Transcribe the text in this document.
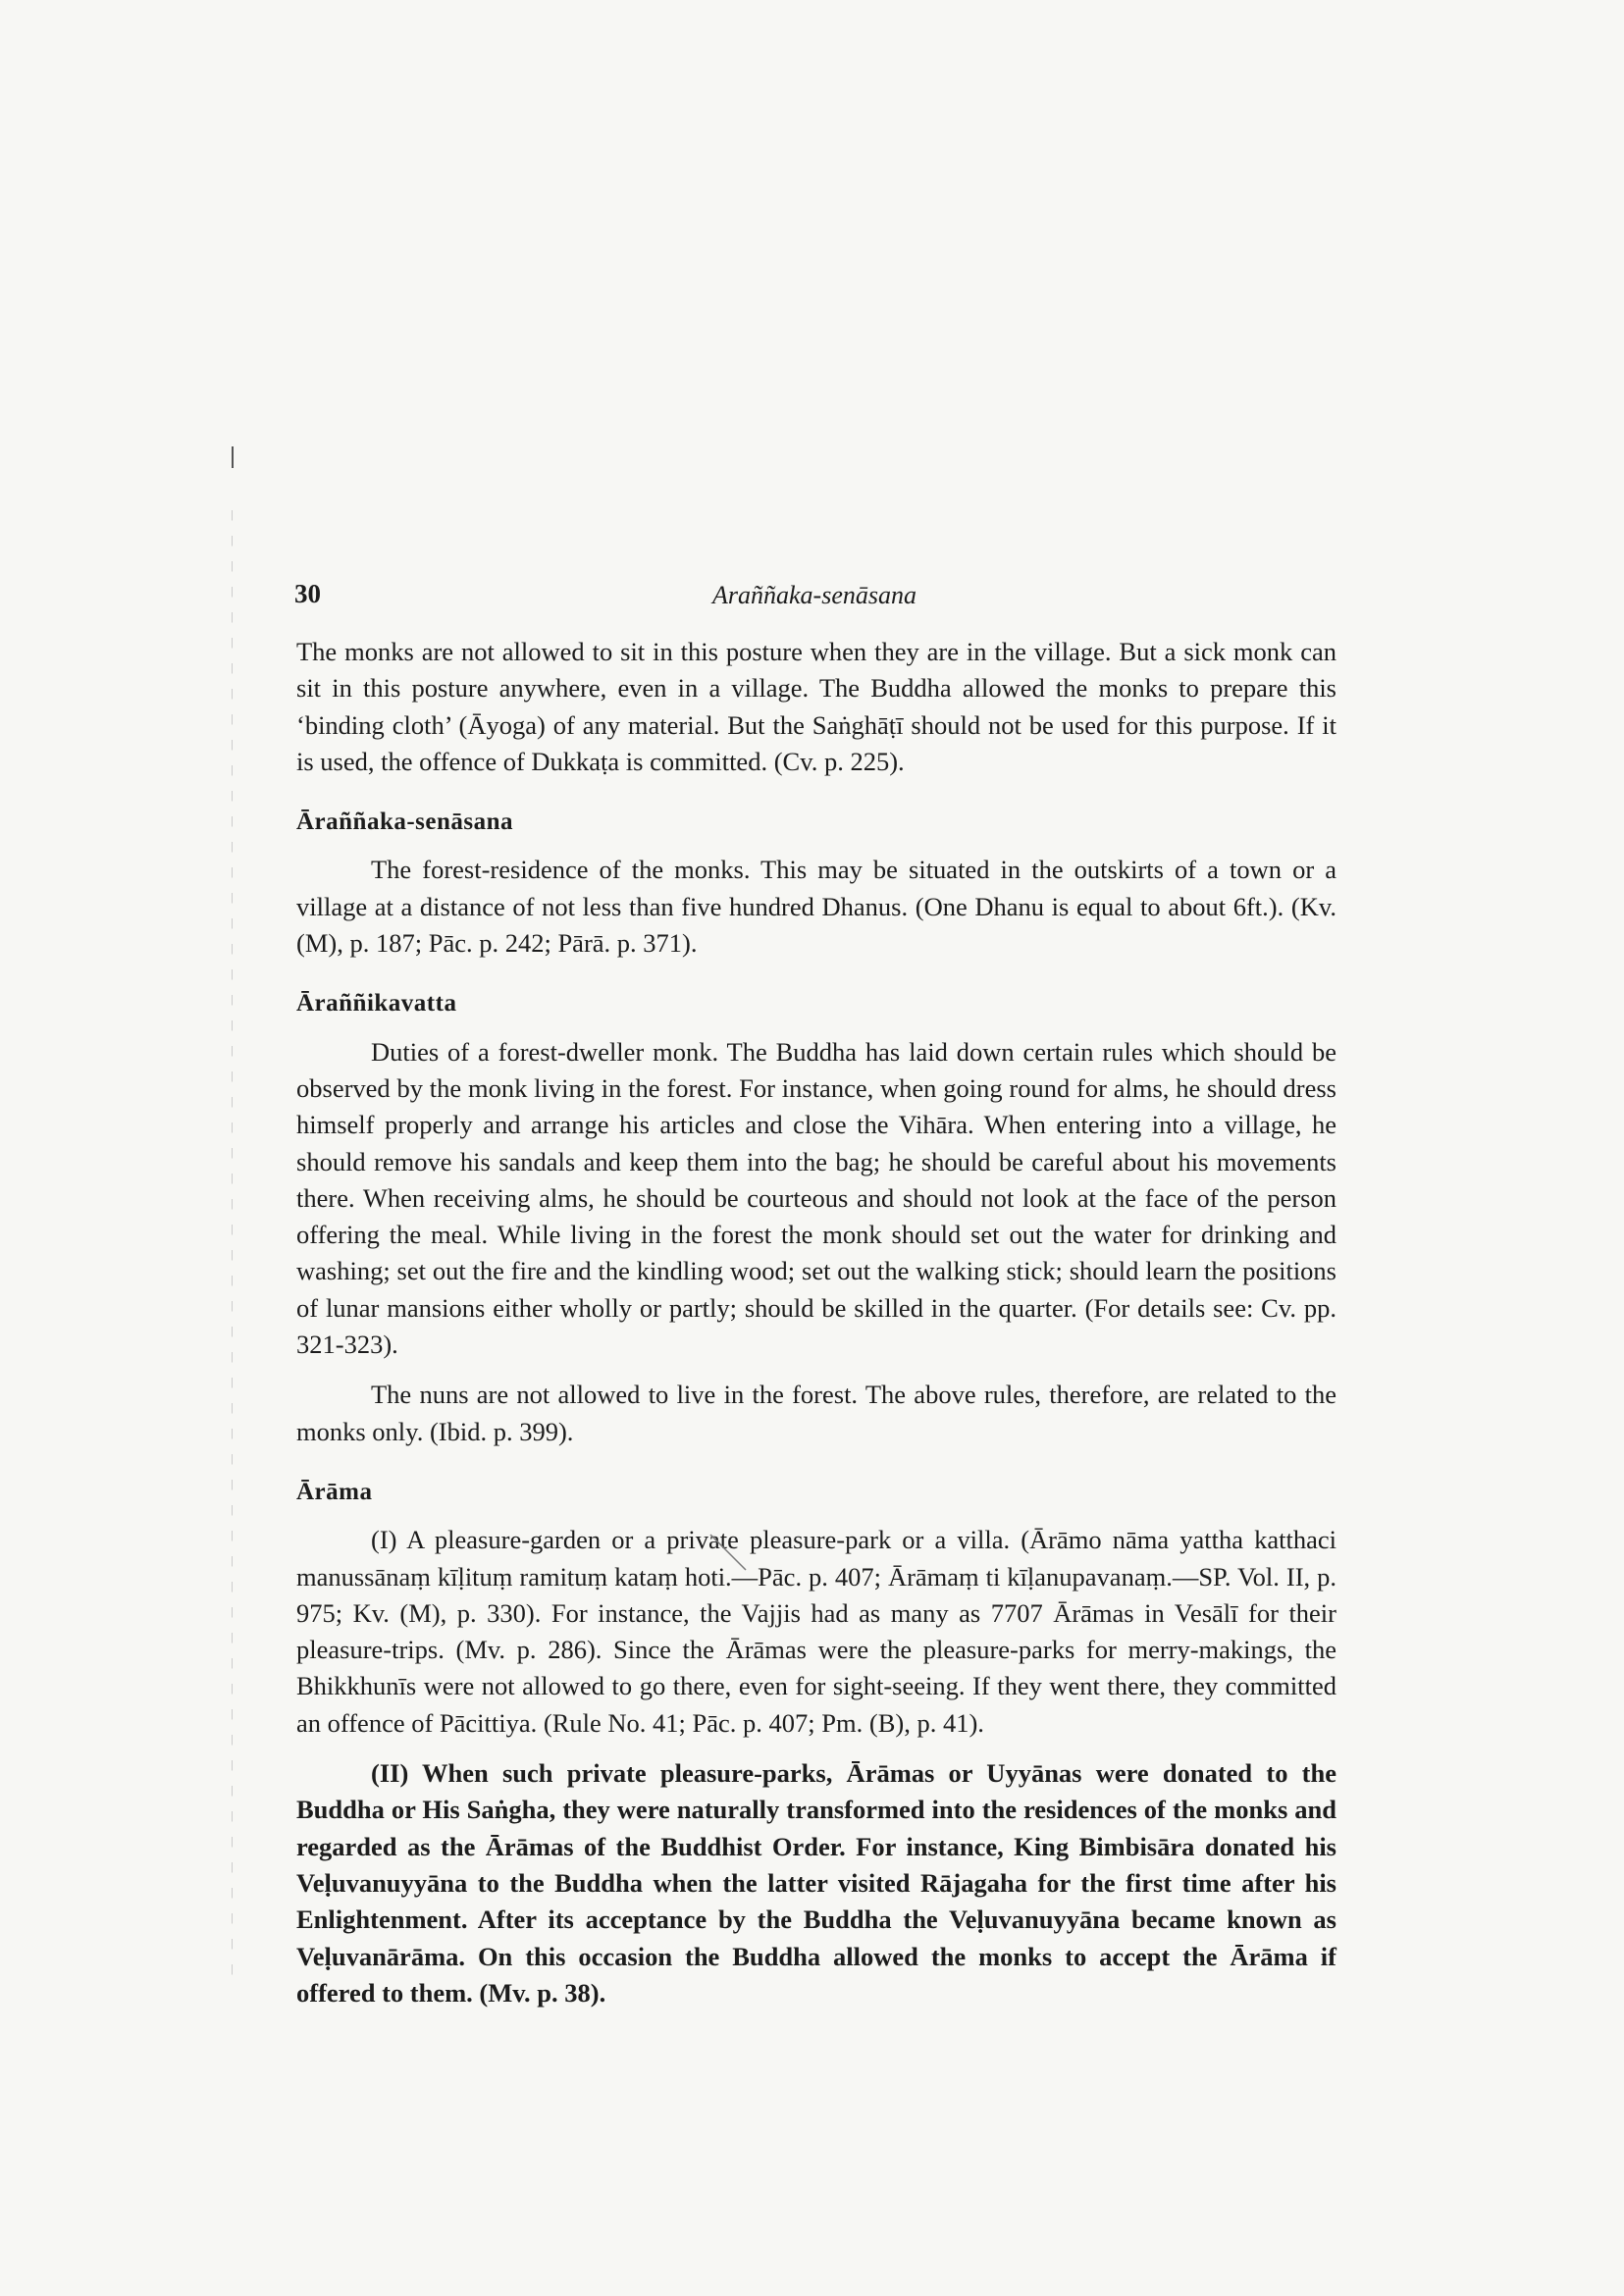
30	Araññaka-senāsana

The monks are not allowed to sit in this posture when they are in the village. But a sick monk can sit in this posture anywhere, even in a village. The Buddha allowed the monks to prepare this ‘binding cloth’ (Āyoga) of any material. But the Saṅghāṭī should not be used for this purpose. If it is used, the offence of Dukkaṭa is committed. (Cv. p. 225).

Āraññaka-senāsana

The forest-residence of the monks. This may be situated in the outskirts of a town or a village at a distance of not less than five hundred Dhanus. (One Dhanu is equal to about 6ft.). (Kv. (M), p. 187; Pāc. p. 242; Pārā. p. 371).

Āraññikavatta

Duties of a forest-dweller monk. The Buddha has laid down certain rules which should be observed by the monk living in the forest. For instance, when going round for alms, he should dress himself properly and arrange his articles and close the Vihāra. When entering into a village, he should remove his sandals and keep them into the bag; he should be careful about his movements there. When receiving alms, he should be courteous and should not look at the face of the person offering the meal. While living in the forest the monk should set out the water for drinking and washing; set out the fire and the kindling wood; set out the walking stick; should learn the positions of lunar mansions either wholly or partly; should be skilled in the quarter. (For details see: Cv. pp. 321-323).

The nuns are not allowed to live in the forest. The above rules, therefore, are related to the monks only. (Ibid. p. 399).

Ārāma

(I) A pleasure-garden or a private pleasure-park or a villa. (Ārāmo nāma yattha katthaci manussānaṃ kīḷituṃ ramituṃ kataṃ hoti.—Pāc. p. 407; Ārāmaṃ ti kīḷanupavanaṃ.—SP. Vol. II, p. 975; Kv. (M), p. 330). For instance, the Vajjis had as many as 7707 Ārāmas in Vesālī for their pleasure-trips. (Mv. p. 286). Since the Ārāmas were the pleasure-parks for merry-makings, the Bhikkhunīs were not allowed to go there, even for sight-seeing. If they went there, they committed an offence of Pācittiya. (Rule No. 41; Pāc. p. 407; Pm. (B), p. 41).

(II) When such private pleasure-parks, Ārāmas or Uyyānas were donated to the Buddha or His Saṅgha, they were naturally transformed into the residences of the monks and regarded as the Ārāmas of the Buddhist Order. For instance, King Bimbisāra donated his Veḷuvanuyyāna to the Buddha when the latter visited Rājagaha for the first time after his Enlightenment. After its acceptance by the Buddha the Veḷuvanuyyāna became known as Veḷuvanārāma. On this occasion the Buddha allowed the monks to accept the Ārāma if offered to them. (Mv. p. 38).
